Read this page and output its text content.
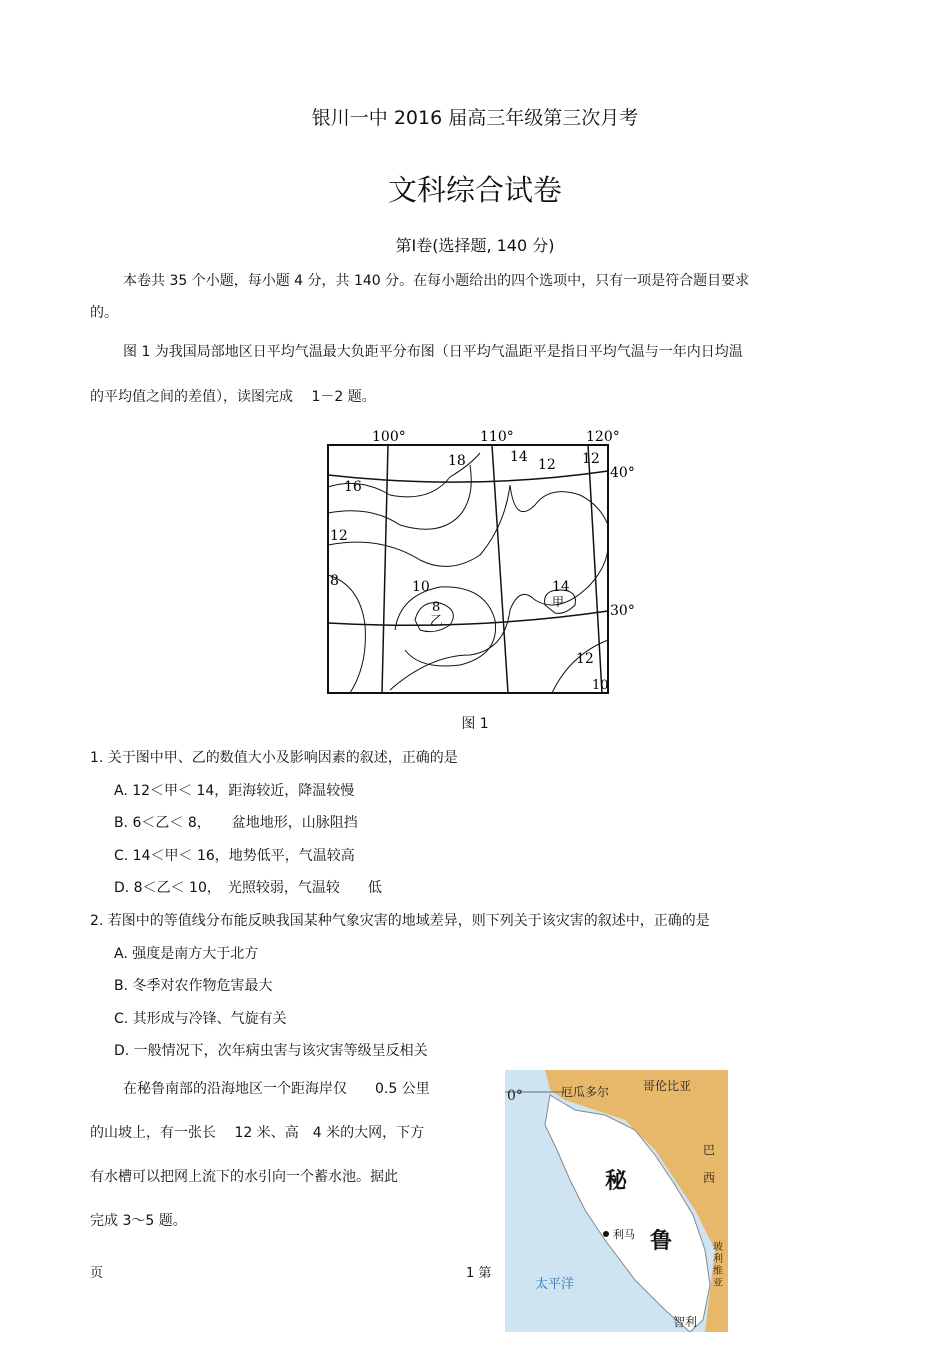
银川一中 2016 届高三年级第三次月考
文科综合试卷
第Ⅰ卷(选择题, 140 分)
本卷共 35 个小题，每小题 4 分，共 140 分。在每小题给出的四个选项中，只有一项是符合题目要求
的。
图 1 为我国局部地区日平均气温最大负距平分布图（日平均气温距平是指日平均气温与一年内日均温
的平均值之间的差值），读图完成　 1－2 题。
100°	110°	120°
40°
30°
18	14 12 12
16
12
8	10
8
乙
14
甲
12
10
图 1
1. 关于图中甲、乙的数值大小及影响因素的叙述，正确的是
A. 12＜甲＜ 14，距海较近，降温较慢
B. 6＜乙＜ 8，　　盆地地形，山脉阻挡
C. 14＜甲＜ 16，地势低平，气温较高
D. 8＜乙＜ 10，　光照较弱，气温较　　低
2. 若图中的等值线分布能反映我国某种气象灾害的地域差异，则下列关于该灾害的叙述中，正确的是
A. 强度是南方大于北方
B. 冬季对农作物危害最大
C. 其形成与冷锋、气旋有关
D. 一般情况下，次年病虫害与该灾害等级呈反相关
在秘鲁南部的沿海地区一个距海岸仅　　0.5 公里
的山坡上，有一张长　 12 米、高　4 米的大网，下方
有水槽可以把网上流下的水引向一个蓄水池。据此
完成 3～5 题。
0°	厄瓜多尔	哥伦比亚
巴
西
秘
鲁
利马
太平洋
玻
利
维
亚
智利
页	1 第
